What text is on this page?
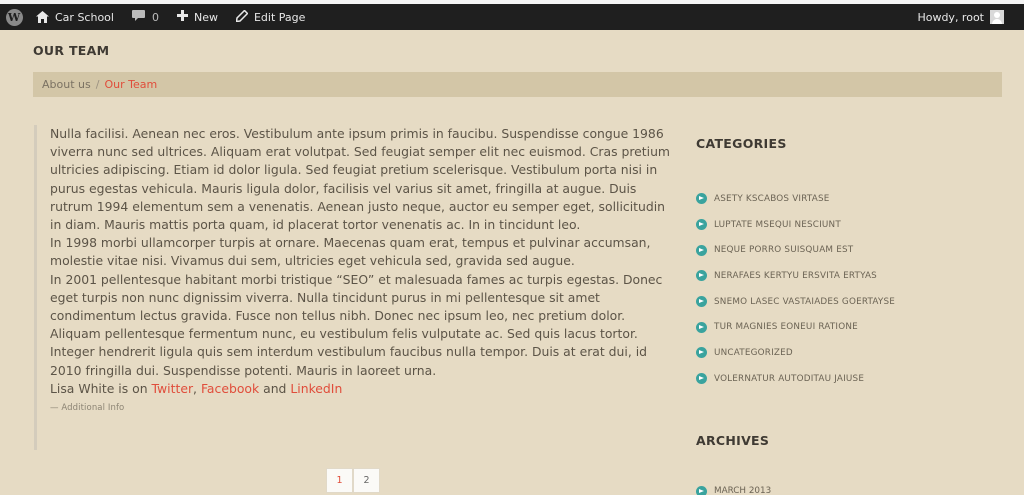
W	Car School	0	New	Edit Page	Howdy, root
OUR TEAM
About us / Our Team

Nulla facilisi. Aenean nec eros. Vestibulum ante ipsum primis in faucibu. Suspendisse congue 1986 viverra nunc sed ultrices. Aliquam erat volutpat. Sed feugiat semper elit nec euismod. Cras pretium ultricies adipiscing. Etiam id dolor ligula. Sed feugiat pretium scelerisque. Vestibulum porta nisi in purus egestas vehicula. Mauris ligula dolor, facilisis vel varius sit amet, fringilla at augue. Duis rutrum 1994 elementum sem a venenatis. Aenean justo neque, auctor eu semper eget, sollicitudin in diam. Mauris mattis porta quam, id placerat tortor venenatis ac. In in tincidunt leo.

In 1998 morbi ullamcorper turpis at ornare. Maecenas quam erat, tempus et pulvinar accumsan, molestie vitae nisi. Vivamus dui sem, ultricies eget vehicula sed, gravida sed augue.

In 2001 pellentesque habitant morbi tristique “SEO” et malesuada fames ac turpis egestas. Donec eget turpis non nunc dignissim viverra. Nulla tincidunt purus in mi pellentesque sit amet condimentum lectus gravida. Fusce non tellus nibh. Donec nec ipsum leo, nec pretium dolor. Aliquam pellentesque fermentum nunc, eu vestibulum felis vulputate ac. Sed quis lacus tortor. Integer hendrerit ligula quis sem interdum vestibulum faucibus nulla tempor. Duis at erat dui, id 2010 fringilla dui. Suspendisse potenti. Mauris in laoreet urna.

Lisa White is on Twitter, Facebook and LinkedIn

— Additional Info
1	2
CATEGORIES
ASETY KSCABOS VIRTASE
LUPTATE MSEQUI NESCIUNT
NEQUE PORRO SUISQUAM EST
NERAFAES KERTYU ERSVITA ERTYAS
SNEMO LASEC VASTAIADES GOERTAYSE
TUR MAGNIES EONEUI RATIONE
UNCATEGORIZED
VOLERNATUR AUTODITAU JAIUSE
ARCHIVES
MARCH 2013
